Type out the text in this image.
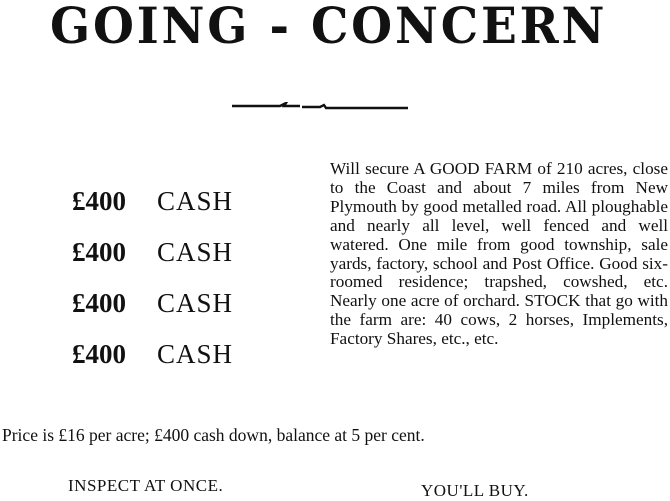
GOING - CONCERN
£400	CASH
£400	CASH
£400	CASH
£400	CASH

Will secure A GOOD FARM of 210 acres, close to the Coast and about 7 miles from New Plymouth by good metalled road. All ploughable and nearly all level, well fenced and well watered. One mile from good township, sale yards, factory, school and Post Office. Good six-roomed residence; trapshed, cowshed, etc. Nearly one acre of orchard. STOCK that go with the farm are: 40 cows, 2 horses, Implements, Factory Shares, etc., etc.

Price is £16 per acre; £400 cash down, balance at 5 per cent.
INSPECT AT ONCE.	YOU'LL BUY.
